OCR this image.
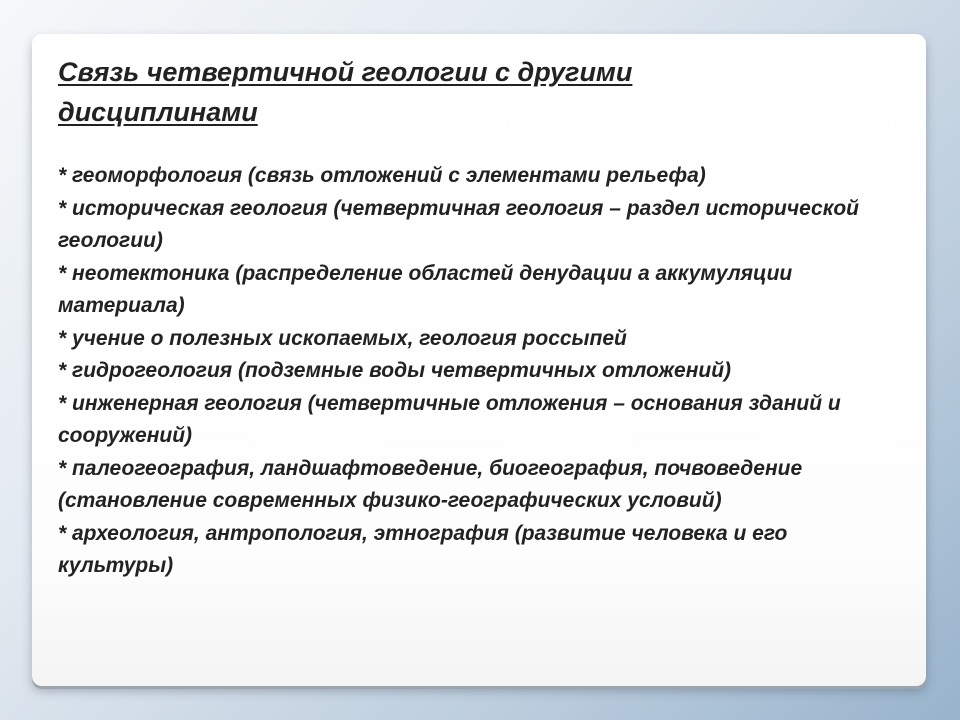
Связь четвертичной геологии с другими дисциплинами
* геоморфология (связь отложений с элементами рельефа)
* историческая геология (четвертичная геология – раздел исторической геологии)
* неотектоника (распределение областей денудации а аккумуляции материала)
* учение о полезных ископаемых, геология россыпей
* гидрогеология (подземные воды четвертичных отложений)
* инженерная геология (четвертичные отложения – основания зданий и сооружений)
* палеогеография, ландшафтоведение, биогеография, почвоведение (становление современных физико-географических условий)
* археология, антропология, этнография (развитие человека и его культуры)
